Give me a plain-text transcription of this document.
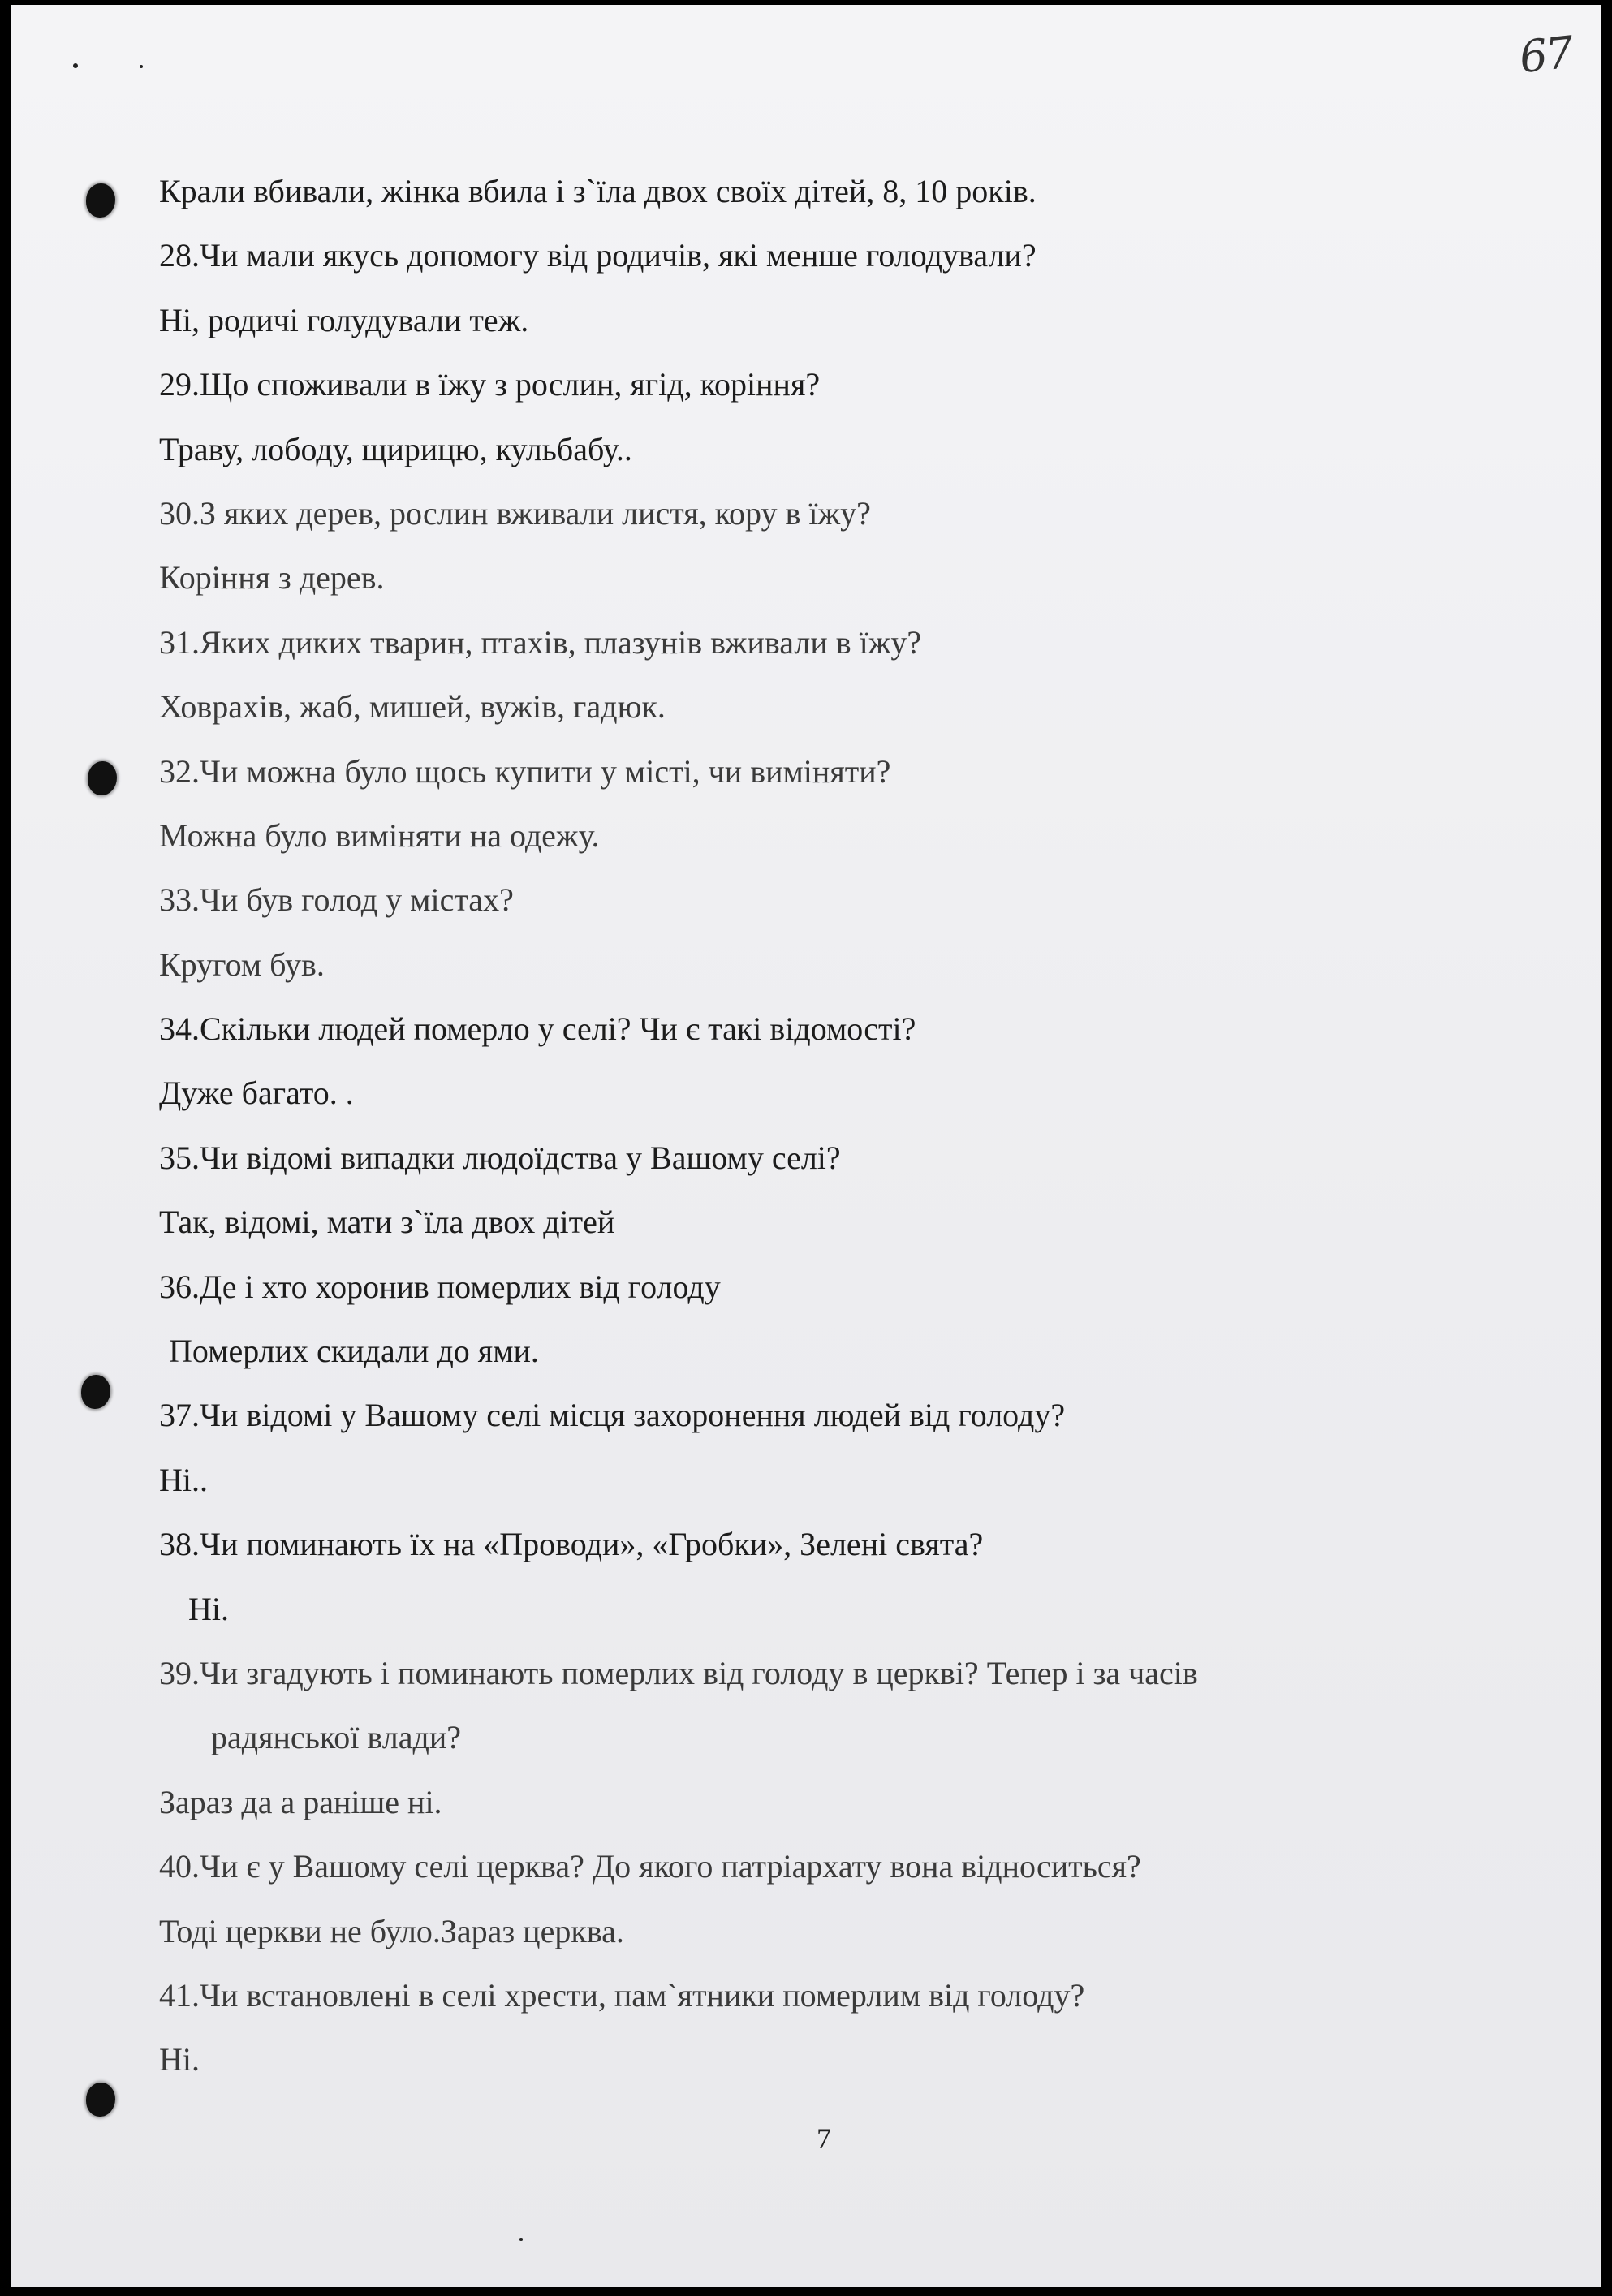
67
Крали вбивали, жінка вбила і з`їла двох своїх дітей, 8, 10 років.
28.Чи мали якусь допомогу від родичів, які менше голодували?
Ні, родичі голудували теж.
29.Що споживали в їжу з рослин, ягід, коріння?
Траву, лободу, щирицю, кульбабу..
30.З яких дерев, рослин вживали листя, кору в їжу?
Коріння з дерев.
31.Яких диких тварин, птахів, плазунів вживали в їжу?
Ховрахів, жаб, мишей, вужів, гадюк.
32.Чи можна було щось купити у місті, чи виміняти?
Можна було виміняти на одежу.
33.Чи був голод у містах?
Кругом був.
34.Скільки людей померло у селі? Чи є такі відомості?
Дуже багато. .
35.Чи відомі випадки людоїдства у Вашому селі?
Так, відомі, мати з`їла двох дітей
36.Де і хто хоронив померлих від голоду
Померлих скидали до ями.
37.Чи відомі у Вашому селі місця захоронення людей від голоду?
Ні..
38.Чи поминають їх на «Проводи», «Гробки», Зелені свята?
Ні.
39.Чи згадують і поминають померлих від голоду в церкві? Тепер і за часів
радянської влади?
Зараз да а раніше ні.
40.Чи є у Вашому селі церква? До якого патріархату вона відноситься?
Тоді церкви не було.Зараз церква.
41.Чи встановлені в селі хрести, пам`ятники померлим від голоду?
Ні.
7
